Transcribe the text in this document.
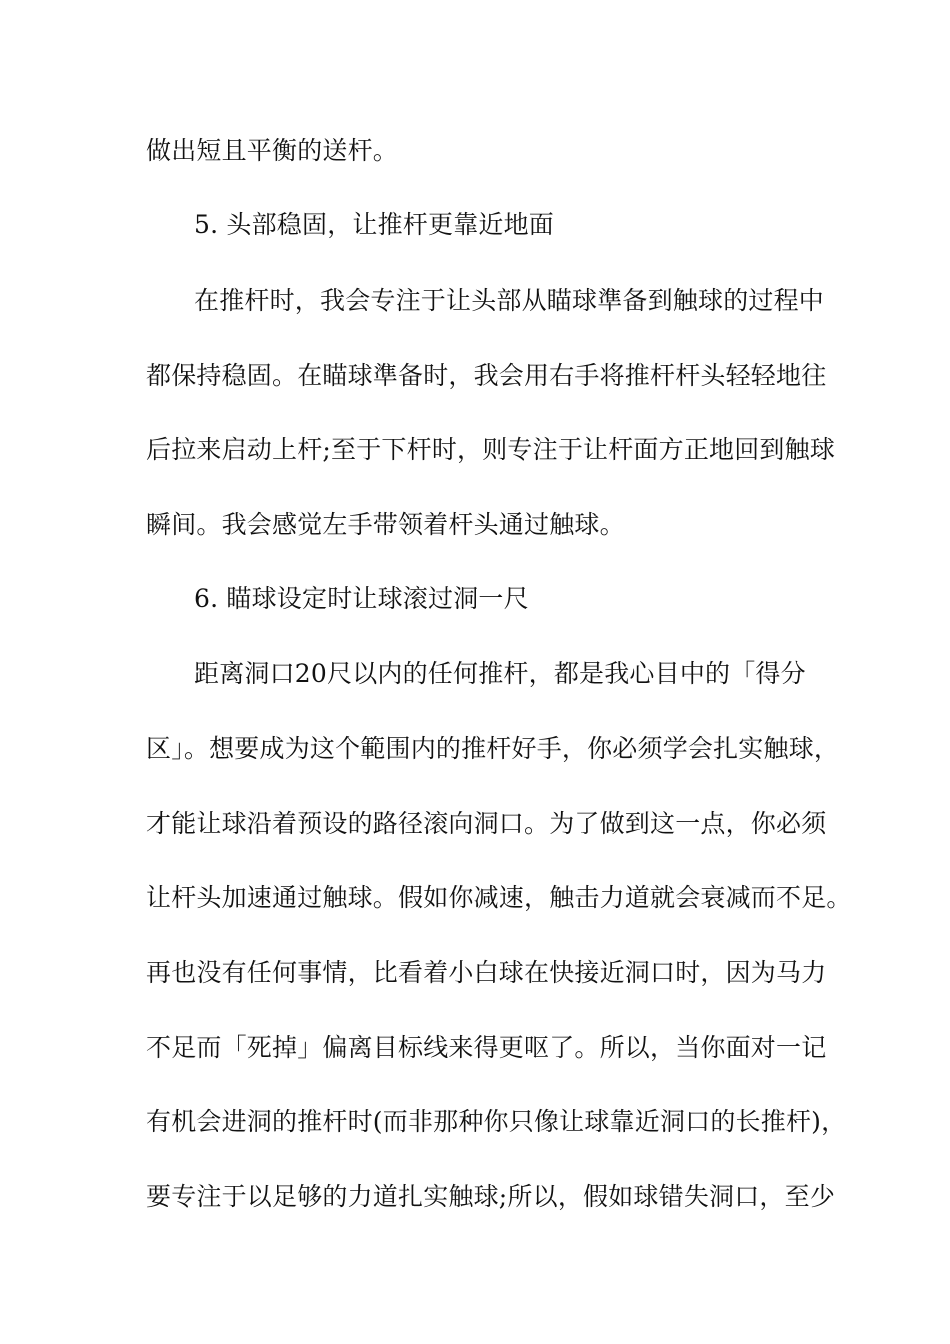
做出短且平衡的送杆。
5. 头部稳固，让推杆更靠近地面
在推杆时，我会专注于让头部从瞄球準备到触球的过程中
都保持稳固。在瞄球準备时，我会用右手将推杆杆头轻轻地往
后拉来启动上杆;至于下杆时，则专注于让杆面方正地回到触球
瞬间。我会感觉左手带领着杆头通过触球。
6. 瞄球设定时让球滚过洞一尺
距离洞口20尺以内的任何推杆，都是我心目中的「得分
区」。想要成为这个範围内的推杆好手，你必须学会扎实触球，
才能让球沿着预设的路径滚向洞口。为了做到这一点，你必须
让杆头加速通过触球。假如你减速，触击力道就会衰减而不足。
再也没有任何事情，比看着小白球在快接近洞口时，因为马力
不足而「死掉」偏离目标线来得更呕了。所以，当你面对一记
有机会进洞的推杆时(而非那种你只像让球靠近洞口的长推杆)，
要专注于以足够的力道扎实触球;所以，假如球错失洞口，至少
